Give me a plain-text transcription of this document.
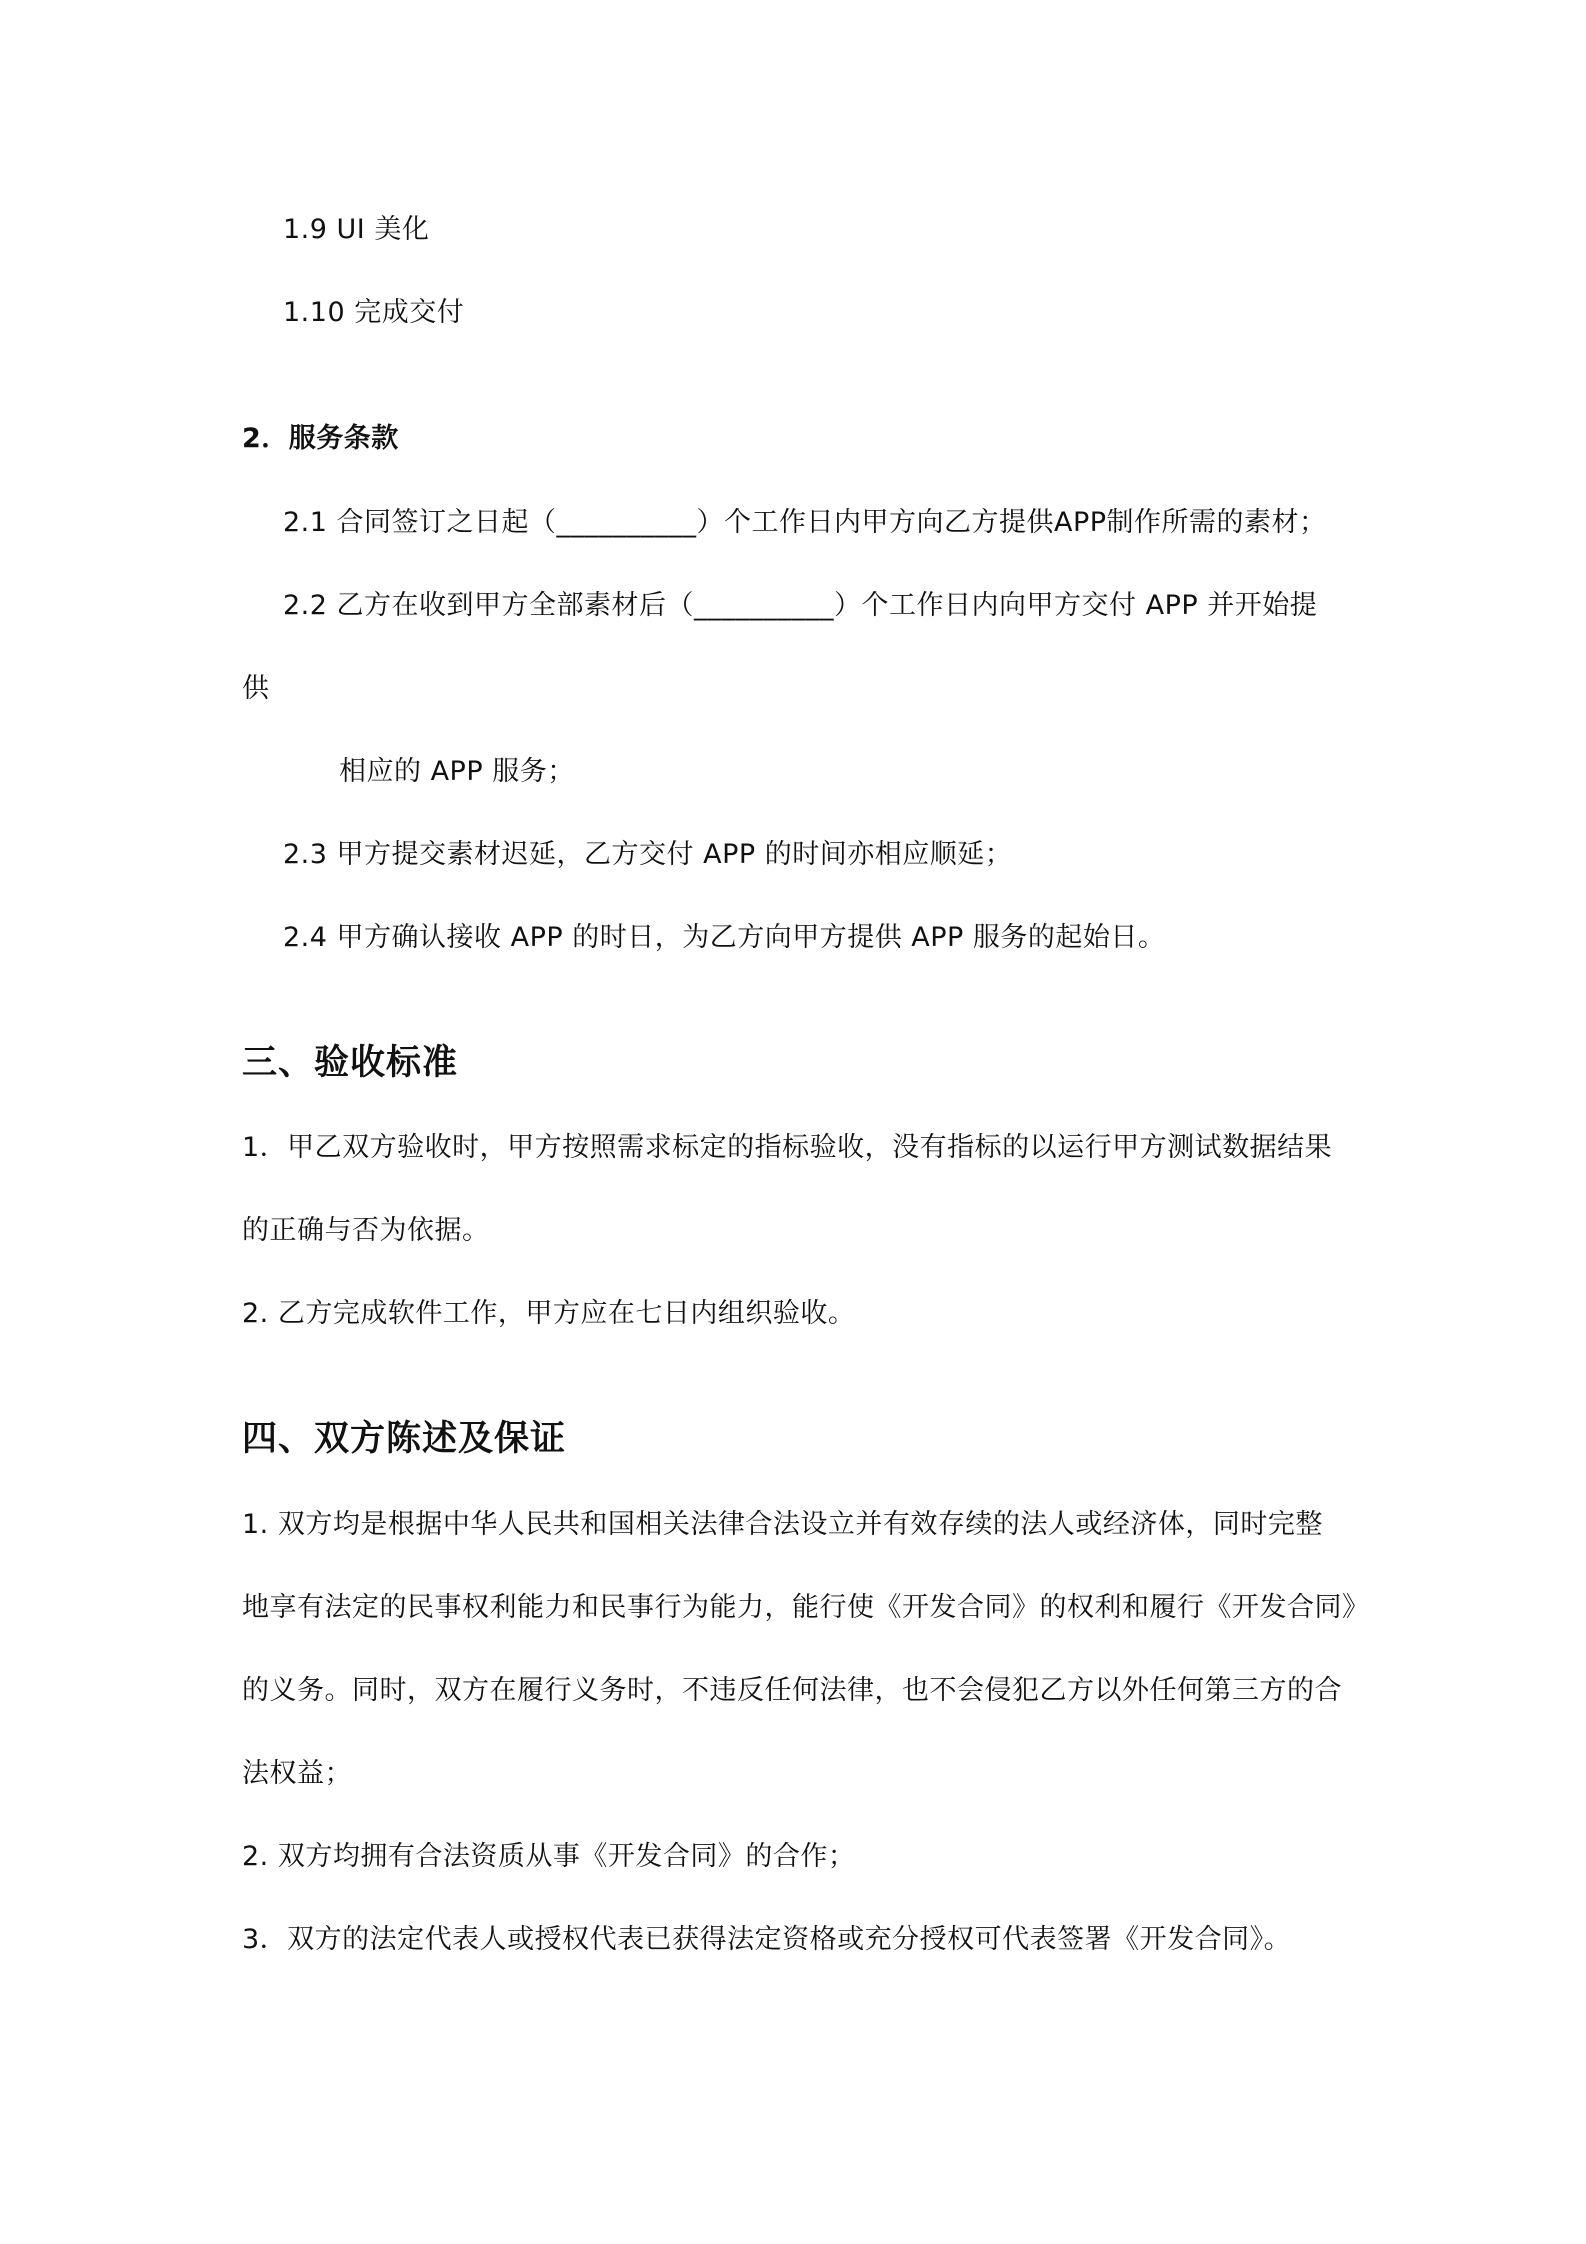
1.9 UI 美化
1.10 完成交付
2．服务条款
2.1 合同签订之日起（__________）个工作日内甲方向乙方提供APP制作所需的素材；
2.2 乙方在收到甲方全部素材后（__________）个工作日内向甲方交付 APP 并开始提
供
相应的 APP 服务；
2.3 甲方提交素材迟延，乙方交付 APP 的时间亦相应顺延；
2.4 甲方确认接收 APP 的时日，为乙方向甲方提供 APP 服务的起始日。
三、验收标准
1．甲乙双方验收时，甲方按照需求标定的指标验收，没有指标的以运行甲方测试数据结果
的正确与否为依据。
2. 乙方完成软件工作，甲方应在七日内组织验收。
四、双方陈述及保证
1. 双方均是根据中华人民共和国相关法律合法设立并有效存续的法人或经济体，同时完整
地享有法定的民事权利能力和民事行为能力，能行使《开发合同》的权利和履行《开发合同》
的义务。同时，双方在履行义务时，不违反任何法律，也不会侵犯乙方以外任何第三方的合
法权益；
2. 双方均拥有合法资质从事《开发合同》的合作；
3．双方的法定代表人或授权代表已获得法定资格或充分授权可代表签署《开发合同》。
